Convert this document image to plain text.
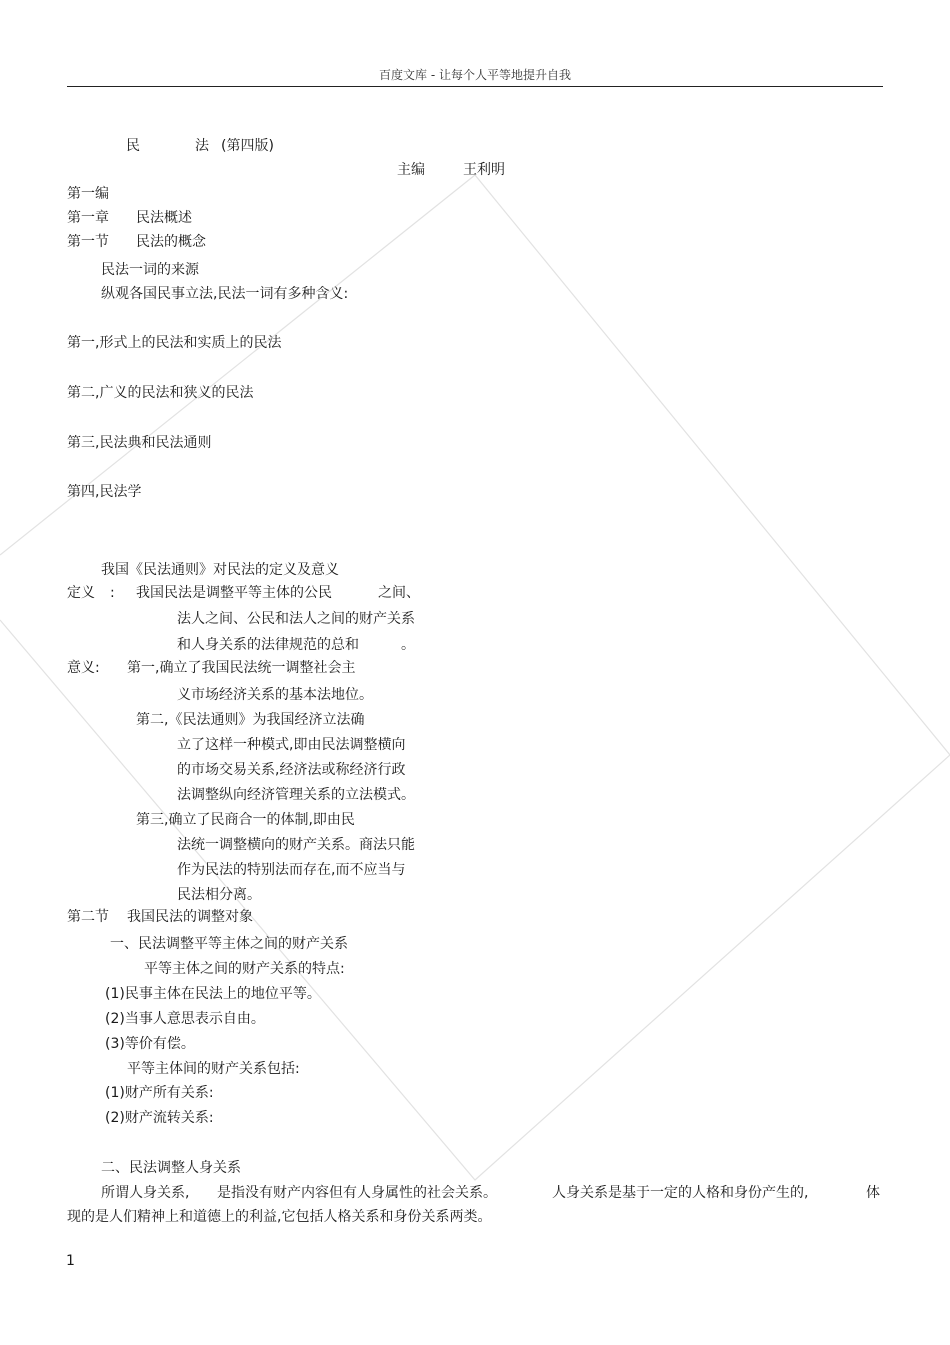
百度文库 - 让每个人平等地提升自我
民	法 (第四版)
主编	王利明
第一编
第一章 民法概述
第一节 民法的概念
民法一词的来源
纵观各国民事立法,民法一词有多种含义:
第一,形式上的民法和实质上的民法
第二,广义的民法和狭义的民法
第三,民法典和民法通则
第四,民法学
我国《民法通则》对民法的定义及意义
定义 : 我国民法是调整平等主体的公民	之间、
法人之间、公民和法人之间的财产关系
和人身关系的法律规范的总和	。
意义: 第一,确立了我国民法统一调整社会主
义市场经济关系的基本法地位。
第二,《民法通则》为我国经济立法确
立了这样一种模式,即由民法调整横向
的市场交易关系,经济法或称经济行政
法调整纵向经济管理关系的立法模式。
第三,确立了民商合一的体制,即由民
法统一调整横向的财产关系。商法只能
作为民法的特别法而存在,而不应当与
民法相分离。
第二节 我国民法的调整对象
一、民法调整平等主体之间的财产关系
平等主体之间的财产关系的特点:
(1)民事主体在民法上的地位平等。
(2)当事人意思表示自由。
(3)等价有偿。
平等主体间的财产关系包括:
(1)财产所有关系:
(2)财产流转关系:
二、民法调整人身关系
所谓人身关系, 是指没有财产内容但有人身属性的社会关系。	人身关系是基于一定的人格和身份产生的,	体
现的是人们精神上和道德上的利益,它包括人格关系和身份关系两类。
1
